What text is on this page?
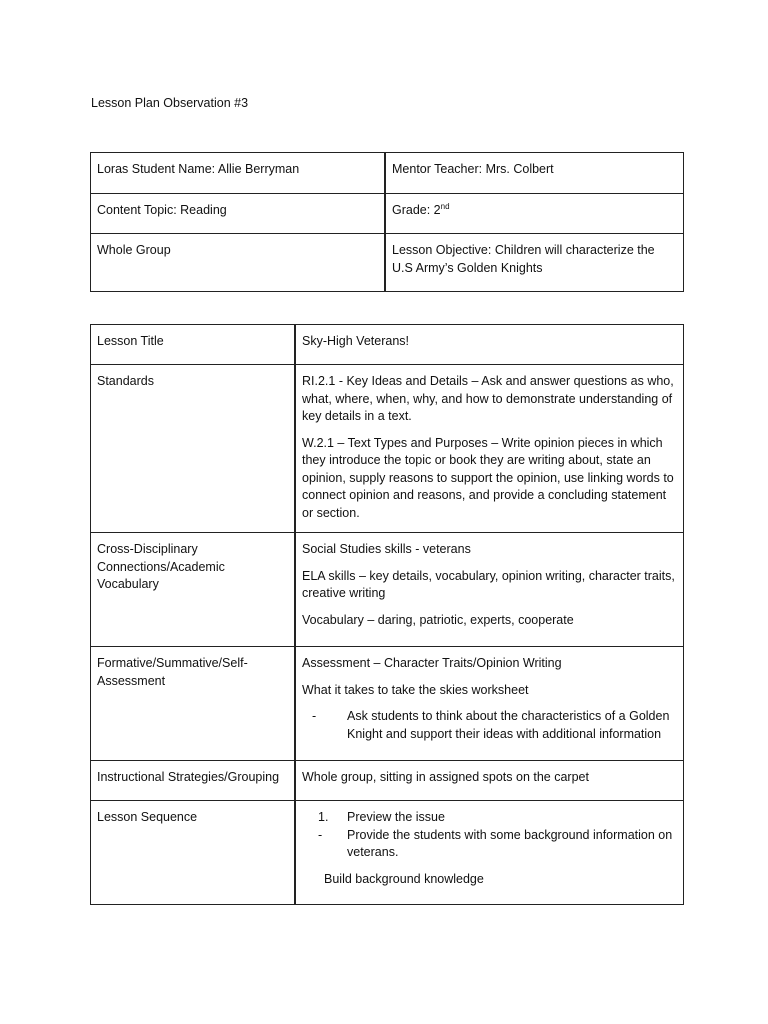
Lesson Plan Observation #3
Loras Student Name: Allie Berryman	Mentor Teacher: Mrs. Colbert
Content Topic: Reading	Grade: 2nd
Whole Group	Lesson Objective: Children will characterize the U.S Army’s Golden Knights
Lesson Title	Sky-High Veterans!
Standards	RI.2.1 - Key Ideas and Details – Ask and answer questions as who, what, where, when, why, and how to demonstrate understanding of key details in a text.

W.2.1 – Text Types and Purposes – Write opinion pieces in which they introduce the topic or book they are writing about, state an opinion, supply reasons to support the opinion, use linking words to connect opinion and reasons, and provide a concluding statement or section.

Cross-Disciplinary Connections/Academic Vocabulary	Social Studies skills - veterans

ELA skills – key details, vocabulary, opinion writing, character traits, creative writing

Vocabulary – daring, patriotic, experts, cooperate

Formative/Summative/Self-Assessment	Assessment – Character Traits/Opinion Writing

What it takes to take the skies worksheet

- Ask students to think about the characteristics of a Golden Knight and support their ideas with additional information

Instructional Strategies/Grouping	Whole group, sitting in assigned spots on the carpet
Lesson Sequence	1. Preview the issue
- Provide the students with some background information on veterans.
Build background knowledge
